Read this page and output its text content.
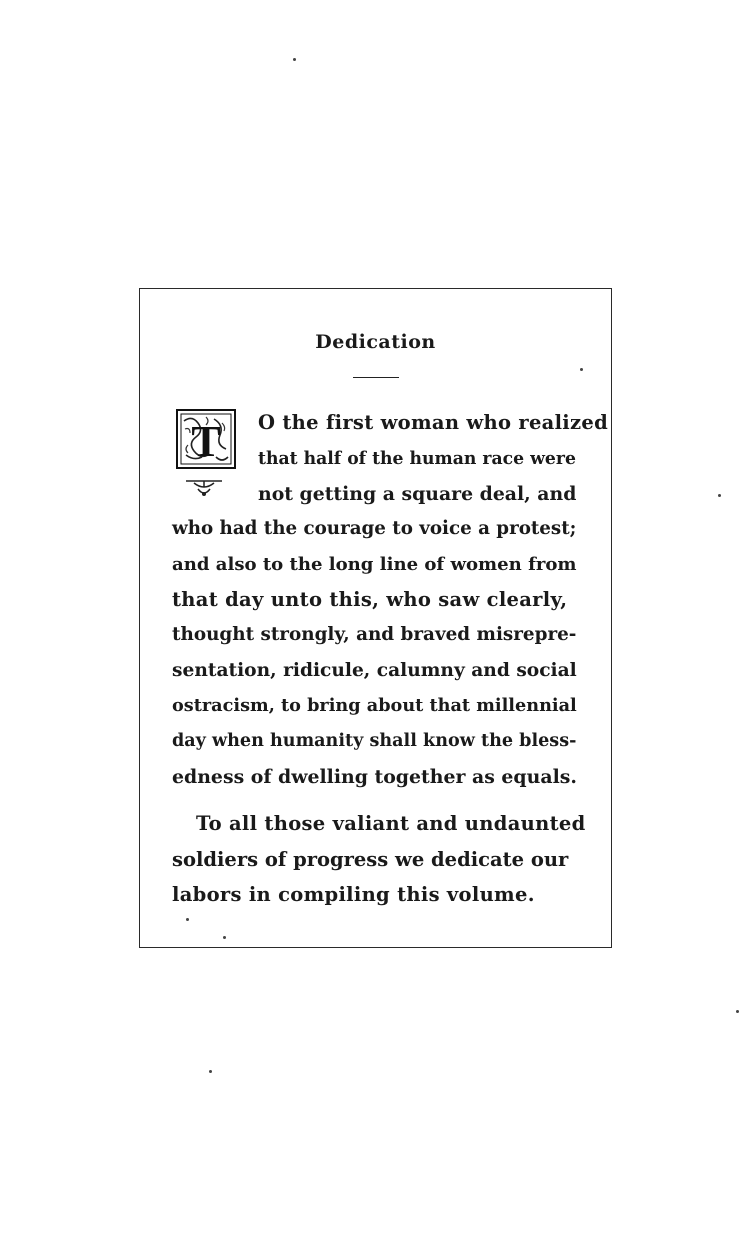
Dedication
T O the first woman who realized
that half of the human race were
not getting a square deal, and
who had the courage to voice a protest;
and also to the long line of women from
that day unto this, who saw clearly,
thought strongly, and braved misrepre-
sentation, ridicule, calumny and social
ostracism, to bring about that millennial
day when humanity shall know the bless-
edness of dwelling together as equals.
To all those valiant and undaunted
soldiers of progress we dedicate our
labors in compiling this volume.
